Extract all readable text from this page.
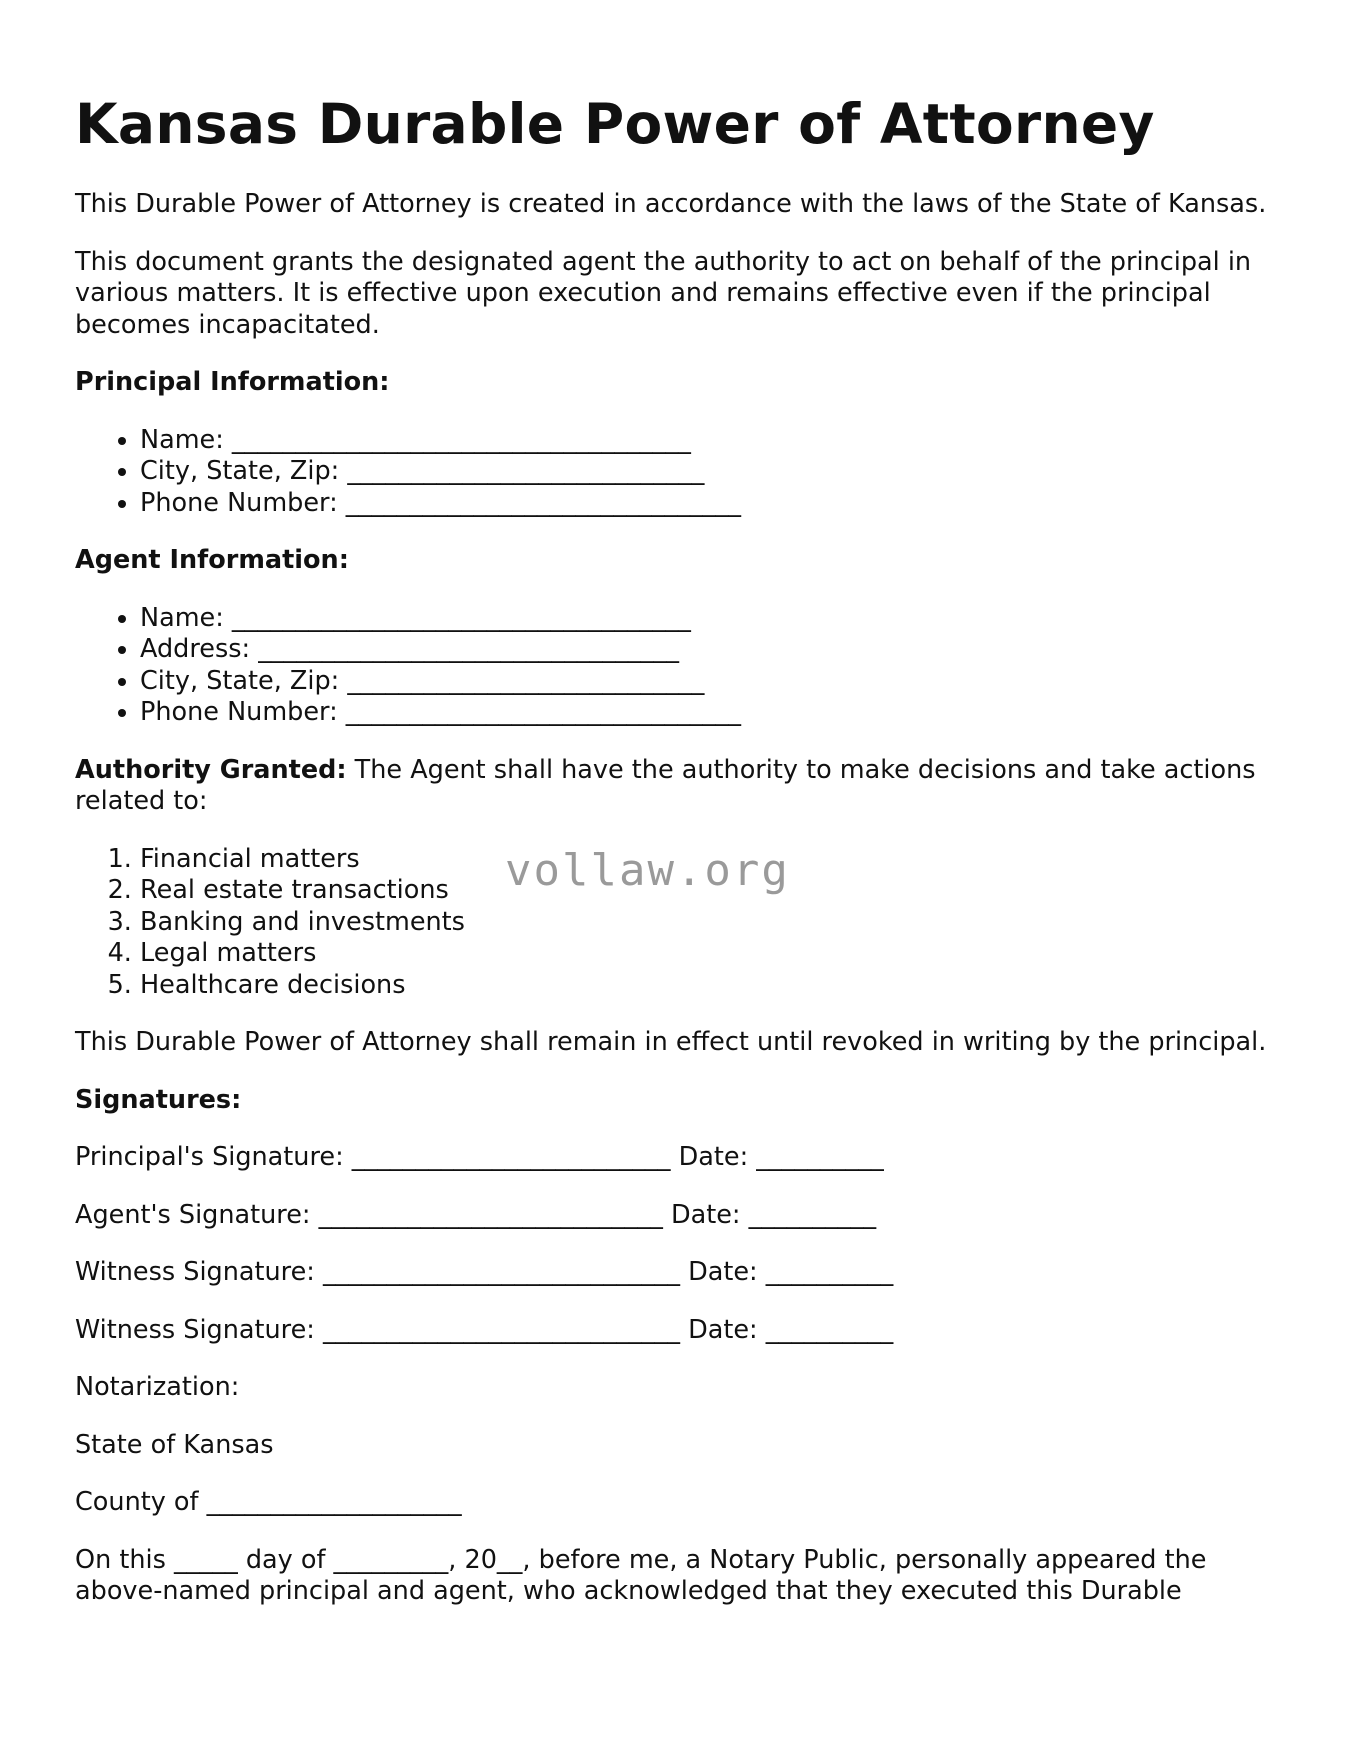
Kansas Durable Power of Attorney

This Durable Power of Attorney is created in accordance with the laws of the State of Kansas.

This document grants the designated agent the authority to act on behalf of the principal in various matters. It is effective upon execution and remains effective even if the principal becomes incapacitated.

Principal Information:

• Name: ____________________________________
• City, State, Zip: ____________________________
• Phone Number: _______________________________

Agent Information:

• Name: ____________________________________
• Address: _________________________________
• City, State, Zip: ____________________________
• Phone Number: _______________________________

Authority Granted: The Agent shall have the authority to make decisions and take actions related to:

1. Financial matters
2. Real estate transactions
3. Banking and investments
4. Legal matters
5. Healthcare decisions

This Durable Power of Attorney shall remain in effect until revoked in writing by the principal.

Signatures:

Principal's Signature: _________________________ Date: __________

Agent's Signature: ___________________________ Date: __________

Witness Signature: ____________________________ Date: __________

Witness Signature: ____________________________ Date: __________

Notarization:

State of Kansas

County of ____________________

On this _____ day of _________, 20__, before me, a Notary Public, personally appeared the above-named principal and agent, who acknowledged that they executed this Durable

vollaw.org
